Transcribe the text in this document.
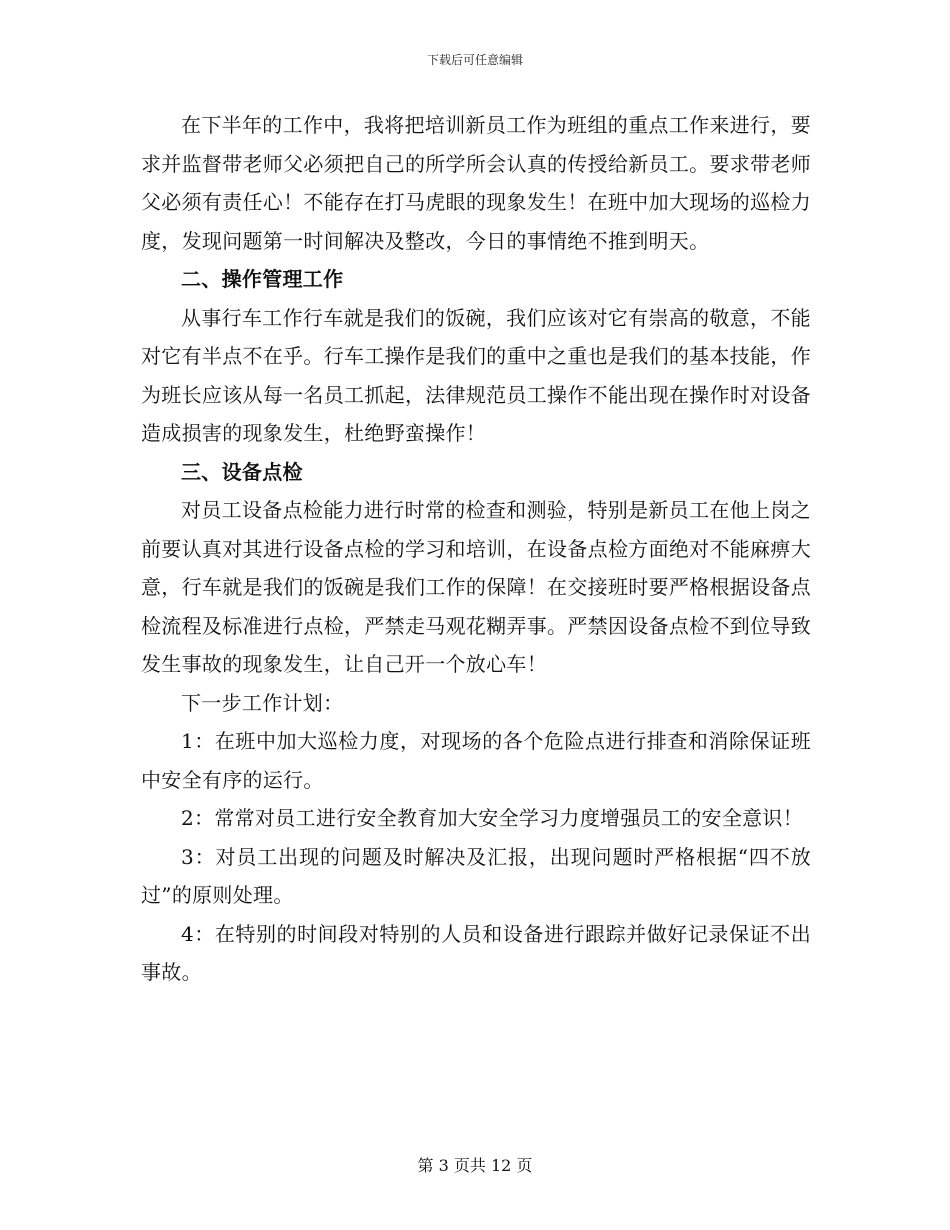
下载后可任意编辑

在下半年的工作中，我将把培训新员工作为班组的重点工作来进行，要求并监督带老师父必须把自己的所学所会认真的传授给新员工。要求带老师父必须有责任心！不能存在打马虎眼的现象发生！在班中加大现场的巡检力度，发现问题第一时间解决及整改，今日的事情绝不推到明天。

二、操作管理工作

从事行车工作行车就是我们的饭碗，我们应该对它有崇高的敬意，不能对它有半点不在乎。行车工操作是我们的重中之重也是我们的基本技能，作为班长应该从每一名员工抓起，法律规范员工操作不能出现在操作时对设备造成损害的现象发生，杜绝野蛮操作！

三、设备点检

对员工设备点检能力进行时常的检查和测验，特别是新员工在他上岗之前要认真对其进行设备点检的学习和培训，在设备点检方面绝对不能麻痹大意，行车就是我们的饭碗是我们工作的保障！在交接班时要严格根据设备点检流程及标准进行点检，严禁走马观花糊弄事。严禁因设备点检不到位导致发生事故的现象发生，让自己开一个放心车！

下一步工作计划：

1：在班中加大巡检力度，对现场的各个危险点进行排查和消除保证班中安全有序的运行。

2：常常对员工进行安全教育加大安全学习力度增强员工的安全意识！

3：对员工出现的问题及时解决及汇报，出现问题时严格根据“四不放过”的原则处理。

4：在特别的时间段对特别的人员和设备进行跟踪并做好记录保证不出事故。

第 3 页共 12 页
